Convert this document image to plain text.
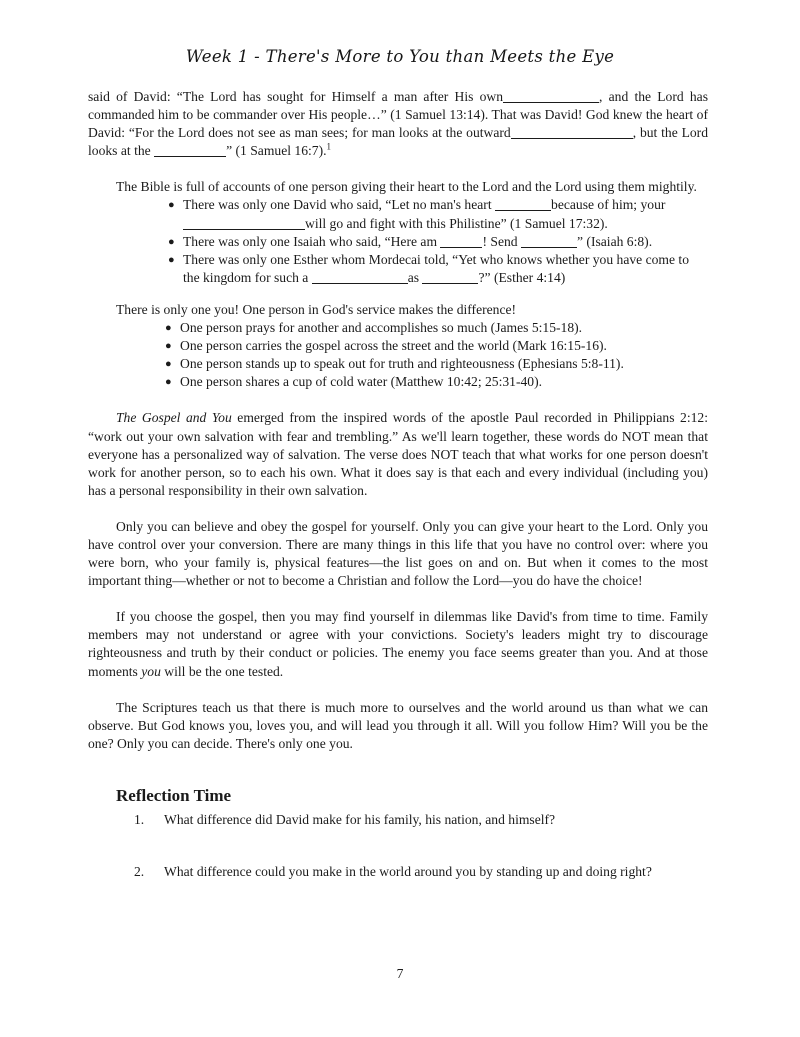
Week 1 - There's More to You than Meets the Eye

said of David: “The Lord has sought for Himself a man after His own	, and the Lord has commanded him to be commander over His people…” (1 Samuel 13:14). That was David! God knew the heart of David: “For the Lord does not see as man sees; for man looks at the outward	, but the Lord looks at the	” (1 Samuel 16:7).$^1$

The Bible is full of accounts of one person giving their heart to the Lord and the Lord using them mightily.

● There was only one David who said, “Let no man's heart	because of him; your will go and fight with this Philistine” (1 Samuel 17:32).
● There was only one Isaiah who said, “Here am	! Send	” (Isaiah 6:8).
● There was only one Esther whom Mordecai told, “Yet who knows whether you have come to the kingdom for such a	as	?” (Esther 4:14)

There is only one you! One person in God's service makes the difference!

● One person prays for another and accomplishes so much (James 5:15-18).
● One person carries the gospel across the street and the world (Mark 16:15-16).
● One person stands up to speak out for truth and righteousness (Ephesians 5:8-11).
● One person shares a cup of cold water (Matthew 10:42; 25:31-40).

The Gospel and You emerged from the inspired words of the apostle Paul recorded in Philippians 2:12: “work out your own salvation with fear and trembling.” As we'll learn together, these words do NOT mean that everyone has a personalized way of salvation. The verse does NOT teach that what works for one person doesn't work for another person, so to each his own. What it does say is that each and every individual (including you) has a personal responsibility in their own salvation.

Only you can believe and obey the gospel for yourself. Only you can give your heart to the Lord. Only you have control over your conversion. There are many things in this life that you have no control over: where you were born, who your family is, physical features—the list goes on and on. But when it comes to the most important thing—whether or not to become a Christian and follow the Lord—you do have the choice!

If you choose the gospel, then you may find yourself in dilemmas like David's from time to time. Family members may not understand or agree with your convictions. Society's leaders might try to discourage righteousness and truth by their conduct or policies. The enemy you face seems greater than you. And at those moments you will be the one tested.

The Scriptures teach us that there is much more to ourselves and the world around us than what we can observe. But God knows you, loves you, and will lead you through it all. Will you follow Him? Will you be the one? Only you can decide. There's only one you.

Reflection Time
1. What difference did David make for his family, his nation, and himself?
2. What difference could you make in the world around you by standing up and doing right?
7
